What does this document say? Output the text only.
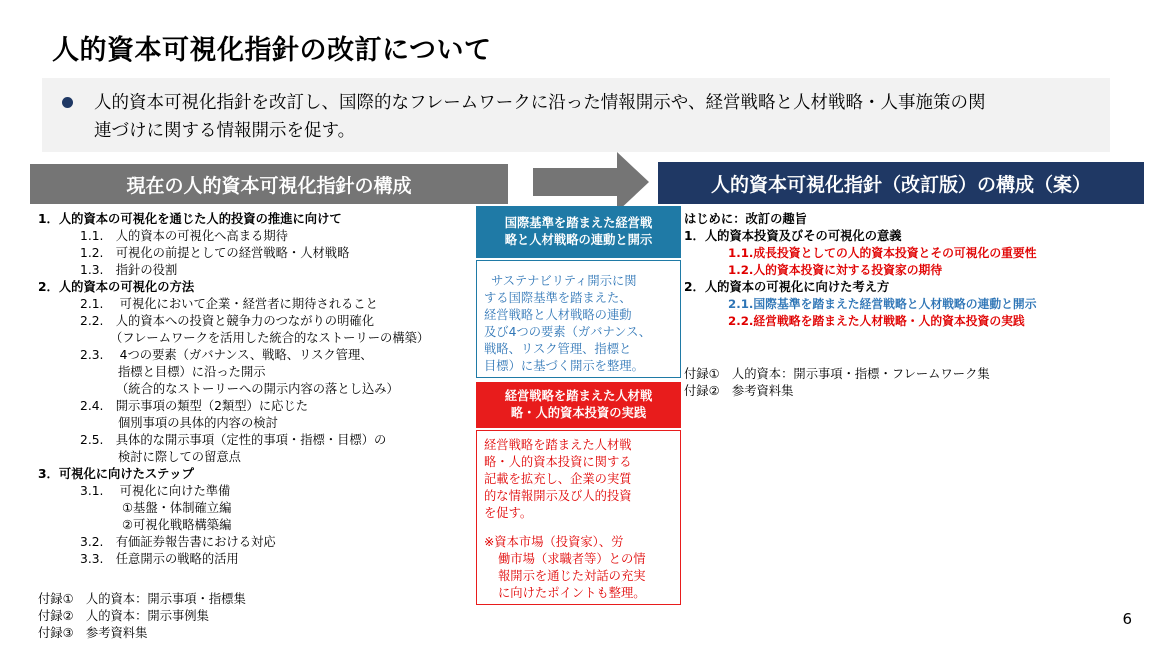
人的資本可視化指針の改訂について
人的資本可視化指針を改訂し、国際的なフレームワークに沿った情報開示や、経営戦略と人材戦略・人事施策の関
連づけに関する情報開示を促す。
現在の人的資本可視化指針の構成	人的資本可視化指針（改訂版）の構成（案）
1．人的資本の可視化を通じた人的投資の推進に向けて
1.1.　人的資本の可視化へ高まる期待
1.2.　可視化の前提としての経営戦略・人材戦略
1.3.　指針の役割
2．人的資本の可視化の方法
2.1.　 可視化において企業・経営者に期待されること
2.2.　人的資本への投資と競争力のつながりの明確化
（フレームワークを活用した統合的なストーリーの構築）
2.3.　 4つの要素（ガバナンス、戦略、リスク管理、
指標と目標）に沿った開示
（統合的なストーリーへの開示内容の落とし込み）
2.4.　開示事項の類型（2類型）に応じた
個別事項の具体的内容の検討
2.5.　具体的な開示事項（定性的事項・指標・目標）の
検討に際しての留意点
3．可視化に向けたステップ
3.1.　 可視化に向けた準備
①基盤・体制確立編
②可視化戦略構築編
3.2.　有価証券報告書における対応
3.3.　任意開示の戦略的活用
付録①　人的資本：開示事項・指標集
付録②　人的資本：開示事例集
付録③　参考資料集
国際基準を踏まえた経営戦
略と人材戦略の連動と開示
サステナビリティ開示に関
する国際基準を踏まえた、
経営戦略と人材戦略の連動
及び4つの要素（ガバナンス、
戦略、リスク管理、指標と
目標）に基づく開示を整理。
経営戦略を踏まえた人材戦
略・人的資本投資の実践
経営戦略を踏まえた人材戦
略・人的資本投資に関する
記載を拡充し、企業の実質
的な情報開示及び人的投資
を促す。
※資本市場（投資家）、労
働市場（求職者等）との情
報開示を通じた対話の充実
に向けたポイントも整理。
はじめに：改訂の趣旨
1．人的資本投資及びその可視化の意義
1.1.成長投資としての人的資本投資とその可視化の重要性
1.2.人的資本投資に対する投資家の期待
2．人的資本の可視化に向けた考え方
2.1.国際基準を踏まえた経営戦略と人材戦略の連動と開示
2.2.経営戦略を踏まえた人材戦略・人的資本投資の実践
付録①　人的資本：開示事項・指標・フレームワーク集
付録②　参考資料集
6
